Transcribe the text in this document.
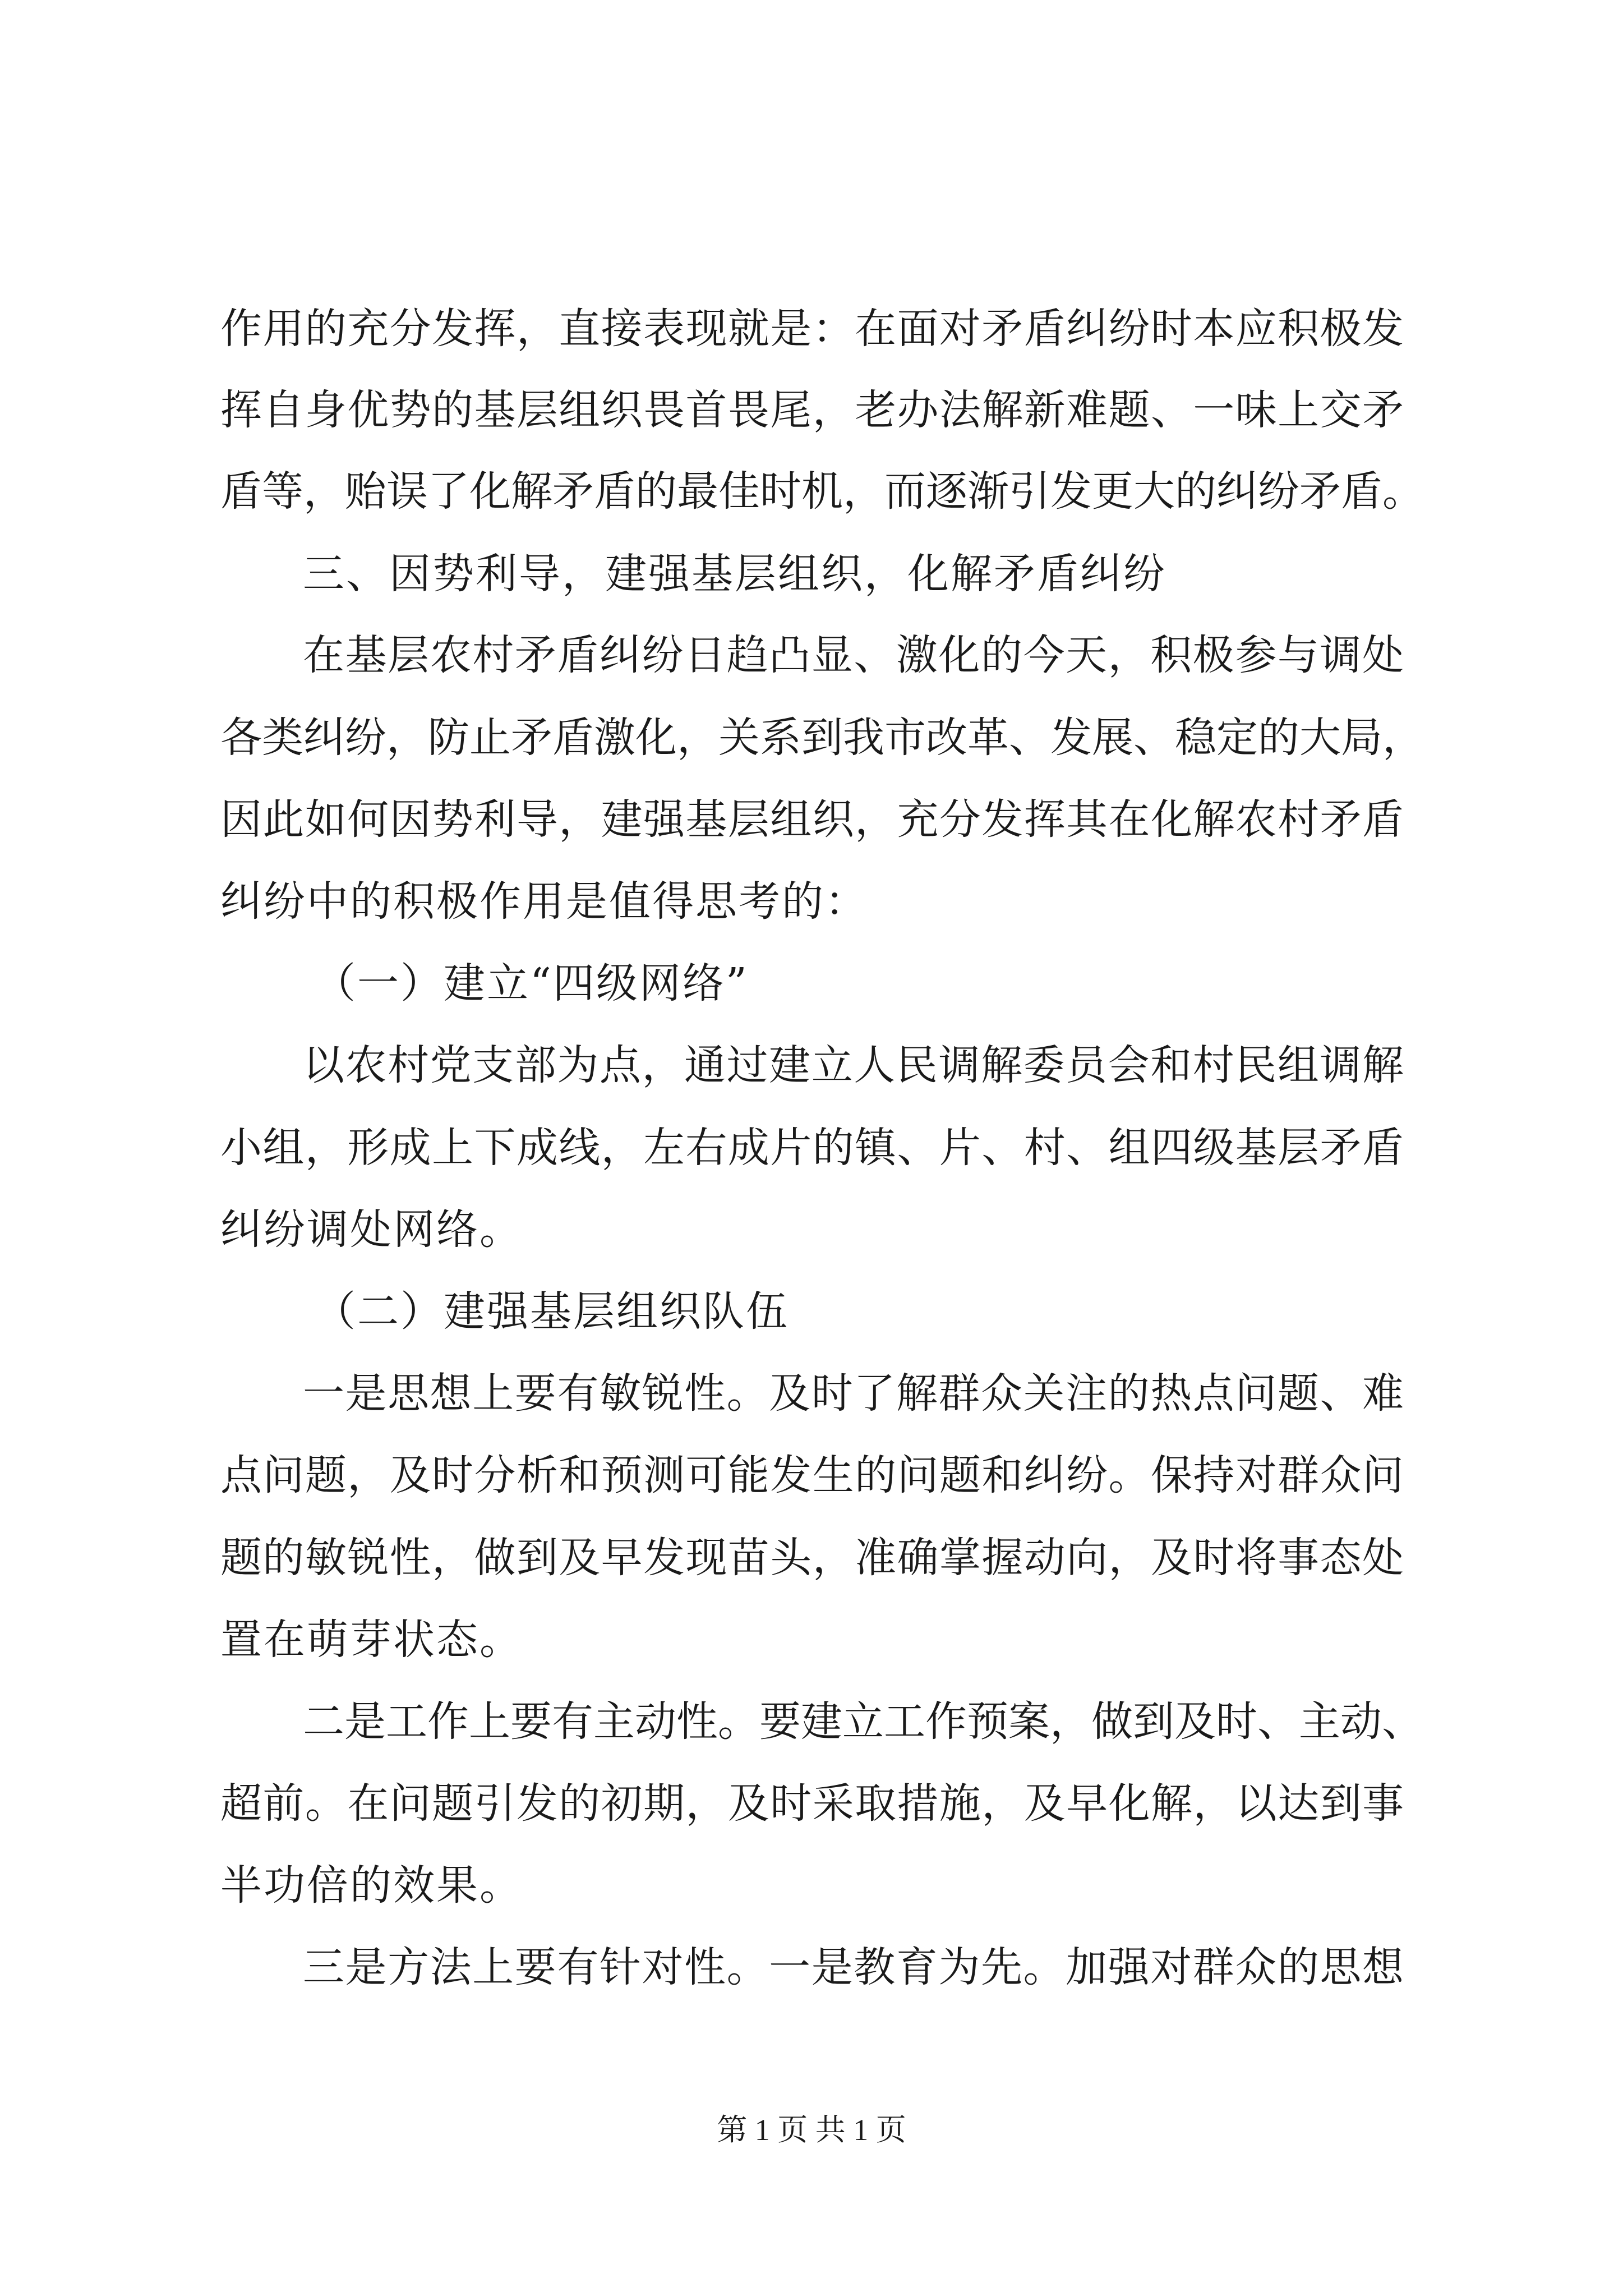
作用的充分发挥，直接表现就是：在面对矛盾纠纷时本应积极发
挥自身优势的基层组织畏首畏尾，老办法解新难题、一味上交矛
盾等，贻误了化解矛盾的最佳时机，而逐渐引发更大的纠纷矛盾。
三、因势利导，建强基层组织，化解矛盾纠纷
在基层农村矛盾纠纷日趋凸显、激化的今天，积极参与调处
各类纠纷，防止矛盾激化，关系到我市改革、发展、稳定的大局，
因此如何因势利导，建强基层组织，充分发挥其在化解农村矛盾
纠纷中的积极作用是值得思考的：
（一）建立“四级网络”
以农村党支部为点，通过建立人民调解委员会和村民组调解
小组，形成上下成线，左右成片的镇、片、村、组四级基层矛盾
纠纷调处网络。
（二）建强基层组织队伍
一是思想上要有敏锐性。及时了解群众关注的热点问题、难
点问题，及时分析和预测可能发生的问题和纠纷。保持对群众问
题的敏锐性，做到及早发现苗头，准确掌握动向，及时将事态处
置在萌芽状态。
二是工作上要有主动性。要建立工作预案，做到及时、主动、
超前。在问题引发的初期，及时采取措施，及早化解，以达到事
半功倍的效果。
三是方法上要有针对性。一是教育为先。加强对群众的思想
第 1 页 共 1 页
